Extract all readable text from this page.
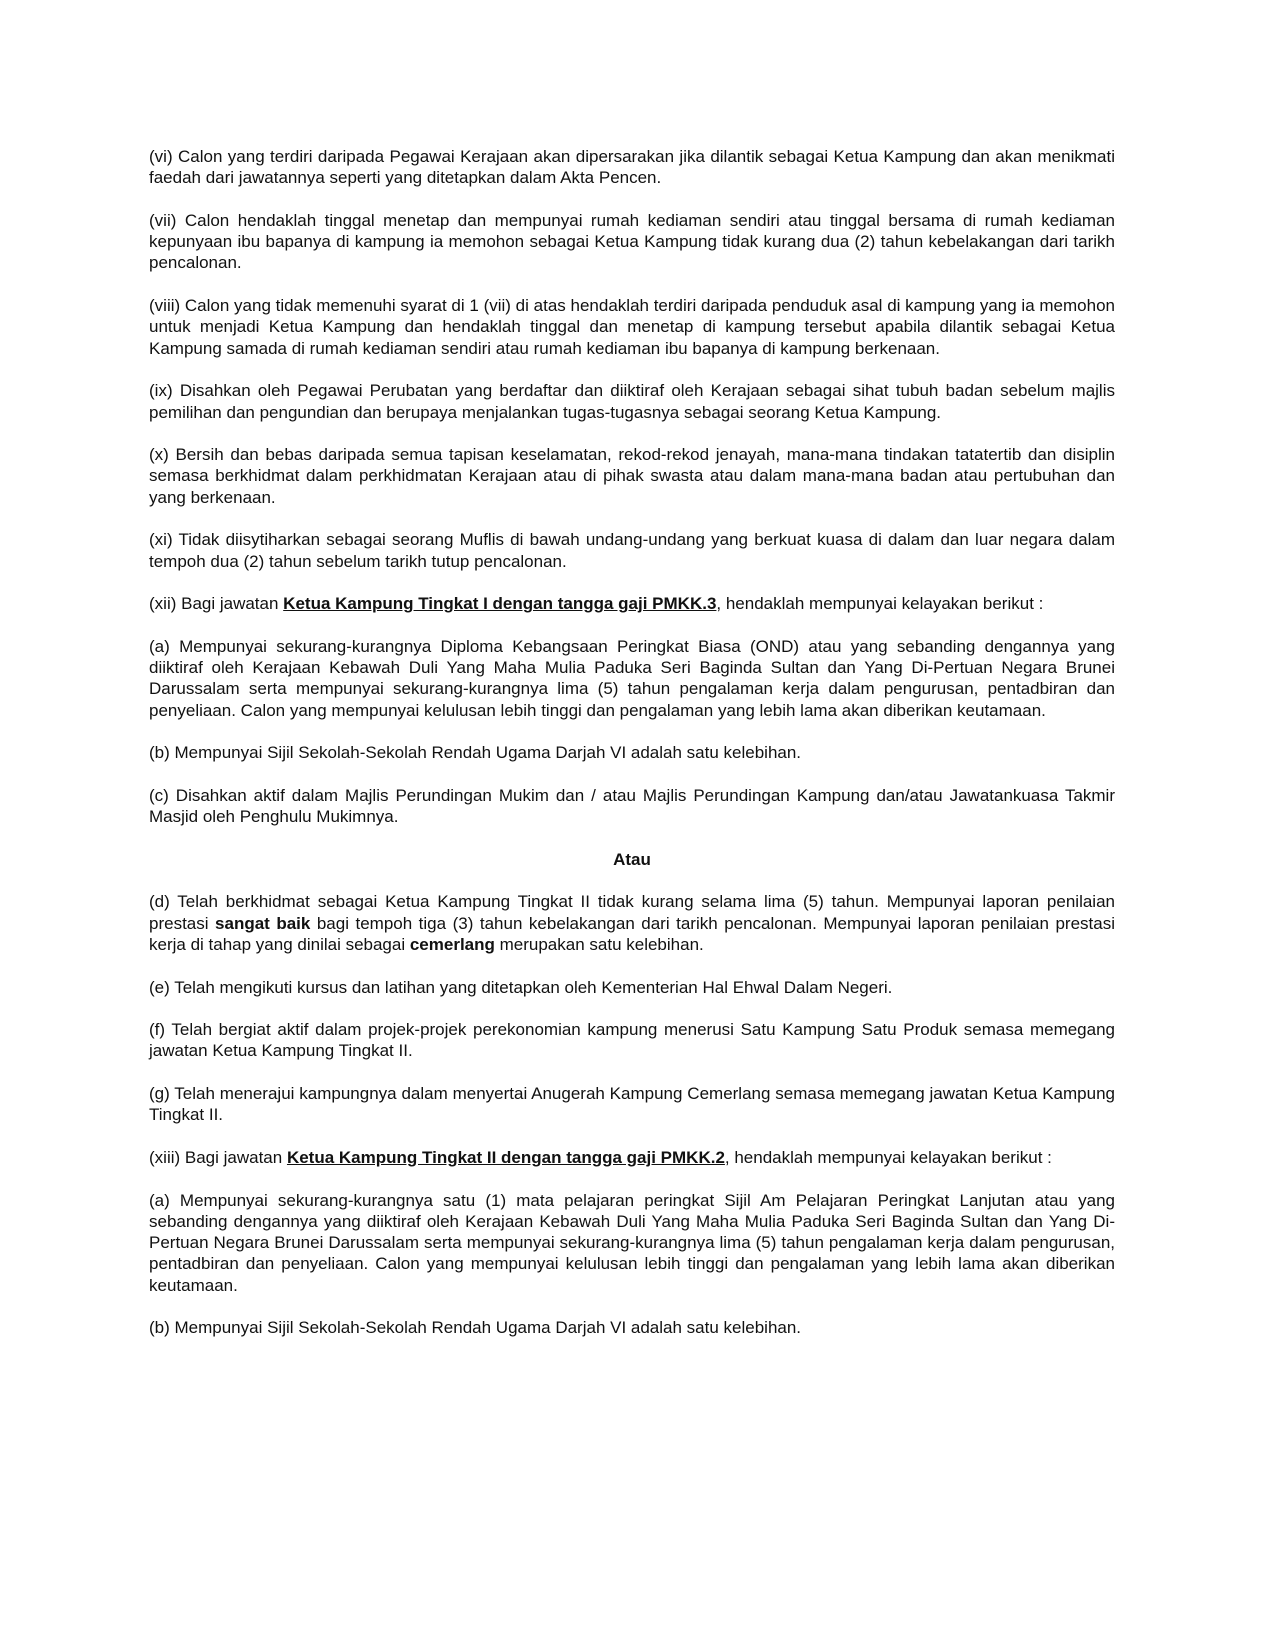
(vi) Calon yang terdiri daripada Pegawai Kerajaan akan dipersarakan jika dilantik sebagai Ketua Kampung dan akan menikmati faedah dari jawatannya seperti yang ditetapkan dalam Akta Pencen.

(vii) Calon hendaklah tinggal menetap dan mempunyai rumah kediaman sendiri atau tinggal bersama di rumah kediaman kepunyaan ibu bapanya di kampung ia memohon sebagai Ketua Kampung tidak kurang dua (2) tahun kebelakangan dari tarikh pencalonan.

(viii) Calon yang tidak memenuhi syarat di 1 (vii) di atas hendaklah terdiri daripada penduduk asal di kampung yang ia memohon untuk menjadi Ketua Kampung dan hendaklah tinggal dan menetap di kampung tersebut apabila dilantik sebagai Ketua Kampung samada di rumah kediaman sendiri atau rumah kediaman ibu bapanya di kampung berkenaan.

(ix) Disahkan oleh Pegawai Perubatan yang berdaftar dan diiktiraf oleh Kerajaan sebagai sihat tubuh badan sebelum majlis pemilihan dan pengundian dan berupaya menjalankan tugas-tugasnya sebagai seorang Ketua Kampung.

(x) Bersih dan bebas daripada semua tapisan keselamatan, rekod-rekod jenayah, mana-mana tindakan tatatertib dan disiplin semasa berkhidmat dalam perkhidmatan Kerajaan atau di pihak swasta atau dalam mana-mana badan atau pertubuhan dan yang berkenaan.

(xi) Tidak diisytiharkan sebagai seorang Muflis di bawah undang-undang yang berkuat kuasa di dalam dan luar negara dalam tempoh dua (2) tahun sebelum tarikh tutup pencalonan.

(xii) Bagi jawatan Ketua Kampung Tingkat I dengan tangga gaji PMKK.3, hendaklah mempunyai kelayakan berikut :

(a) Mempunyai sekurang-kurangnya Diploma Kebangsaan Peringkat Biasa (OND) atau yang sebanding dengannya yang diiktiraf oleh Kerajaan Kebawah Duli Yang Maha Mulia Paduka Seri Baginda Sultan dan Yang Di-Pertuan Negara Brunei Darussalam serta mempunyai sekurang-kurangnya lima (5) tahun pengalaman kerja dalam pengurusan, pentadbiran dan penyeliaan. Calon yang mempunyai kelulusan lebih tinggi dan pengalaman yang lebih lama akan diberikan keutamaan.

(b) Mempunyai Sijil Sekolah-Sekolah Rendah Ugama Darjah VI adalah satu kelebihan.

(c) Disahkan aktif dalam Majlis Perundingan Mukim dan / atau Majlis Perundingan Kampung dan/atau Jawatankuasa Takmir Masjid oleh Penghulu Mukimnya.

Atau

(d) Telah berkhidmat sebagai Ketua Kampung Tingkat II tidak kurang selama lima (5) tahun. Mempunyai laporan penilaian prestasi sangat baik bagi tempoh tiga (3) tahun kebelakangan dari tarikh pencalonan. Mempunyai laporan penilaian prestasi kerja di tahap yang dinilai sebagai cemerlang merupakan satu kelebihan.

(e) Telah mengikuti kursus dan latihan yang ditetapkan oleh Kementerian Hal Ehwal Dalam Negeri.

(f) Telah bergiat aktif dalam projek-projek perekonomian kampung menerusi Satu Kampung Satu Produk semasa memegang jawatan Ketua Kampung Tingkat II.

(g) Telah menerajui kampungnya dalam menyertai Anugerah Kampung Cemerlang semasa memegang jawatan Ketua Kampung Tingkat II.

(xiii) Bagi jawatan Ketua Kampung Tingkat II dengan tangga gaji PMKK.2, hendaklah mempunyai kelayakan berikut :

(a) Mempunyai sekurang-kurangnya satu (1) mata pelajaran peringkat Sijil Am Pelajaran Peringkat Lanjutan atau yang sebanding dengannya yang diiktiraf oleh Kerajaan Kebawah Duli Yang Maha Mulia Paduka Seri Baginda Sultan dan Yang Di-Pertuan Negara Brunei Darussalam serta mempunyai sekurang-kurangnya lima (5) tahun pengalaman kerja dalam pengurusan, pentadbiran dan penyeliaan. Calon yang mempunyai kelulusan lebih tinggi dan pengalaman yang lebih lama akan diberikan keutamaan.

(b) Mempunyai Sijil Sekolah-Sekolah Rendah Ugama Darjah VI adalah satu kelebihan.
